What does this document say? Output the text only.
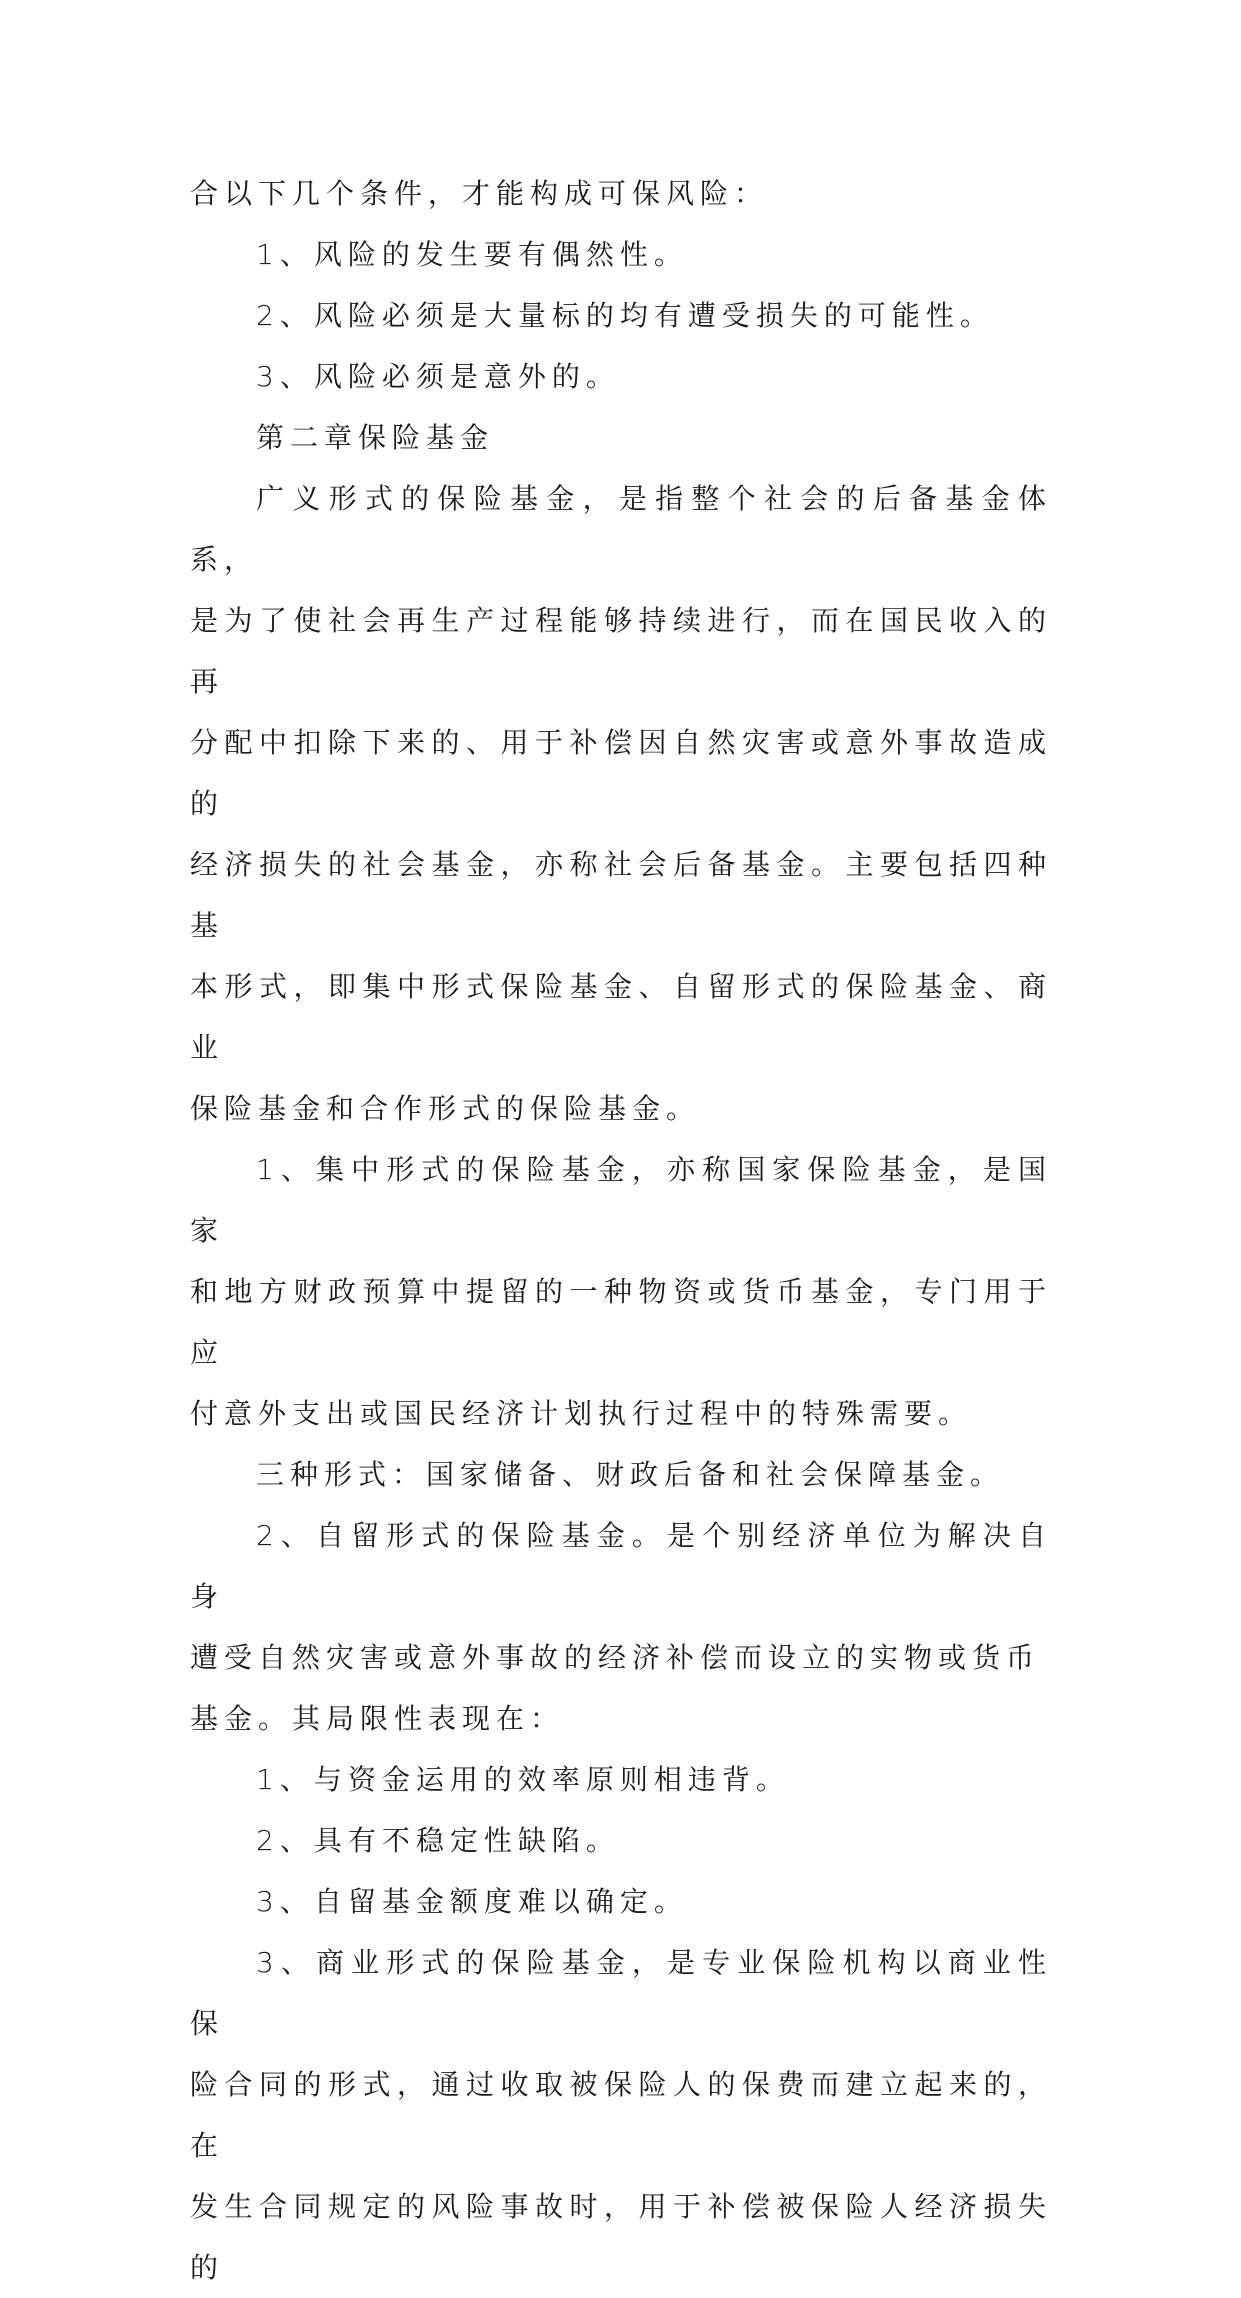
合以下几个条件，才能构成可保风险：

1、风险的发生要有偶然性。

2、风险必须是大量标的均有遭受损失的可能性。

3、风险必须是意外的。

第二章保险基金

广义形式的保险基金，是指整个社会的后备基金体系，
是为了使社会再生产过程能够持续进行，而在国民收入的再
分配中扣除下来的、用于补偿因自然灾害或意外事故造成的
经济损失的社会基金，亦称社会后备基金。主要包括四种基
本形式，即集中形式保险基金、自留形式的保险基金、商业
保险基金和合作形式的保险基金。

1、集中形式的保险基金，亦称国家保险基金，是国家
和地方财政预算中提留的一种物资或货币基金，专门用于应
付意外支出或国民经济计划执行过程中的特殊需要。

三种形式：国家储备、财政后备和社会保障基金。

2、自留形式的保险基金。是个别经济单位为解决自身
遭受自然灾害或意外事故的经济补偿而设立的实物或货币
基金。其局限性表现在：

1、与资金运用的效率原则相违背。

2、具有不稳定性缺陷。

3、自留基金额度难以确定。

3、商业形式的保险基金，是专业保险机构以商业性保
险合同的形式，通过收取被保险人的保费而建立起来的，在
发生合同规定的风险事故时，用于补偿被保险人经济损失的
